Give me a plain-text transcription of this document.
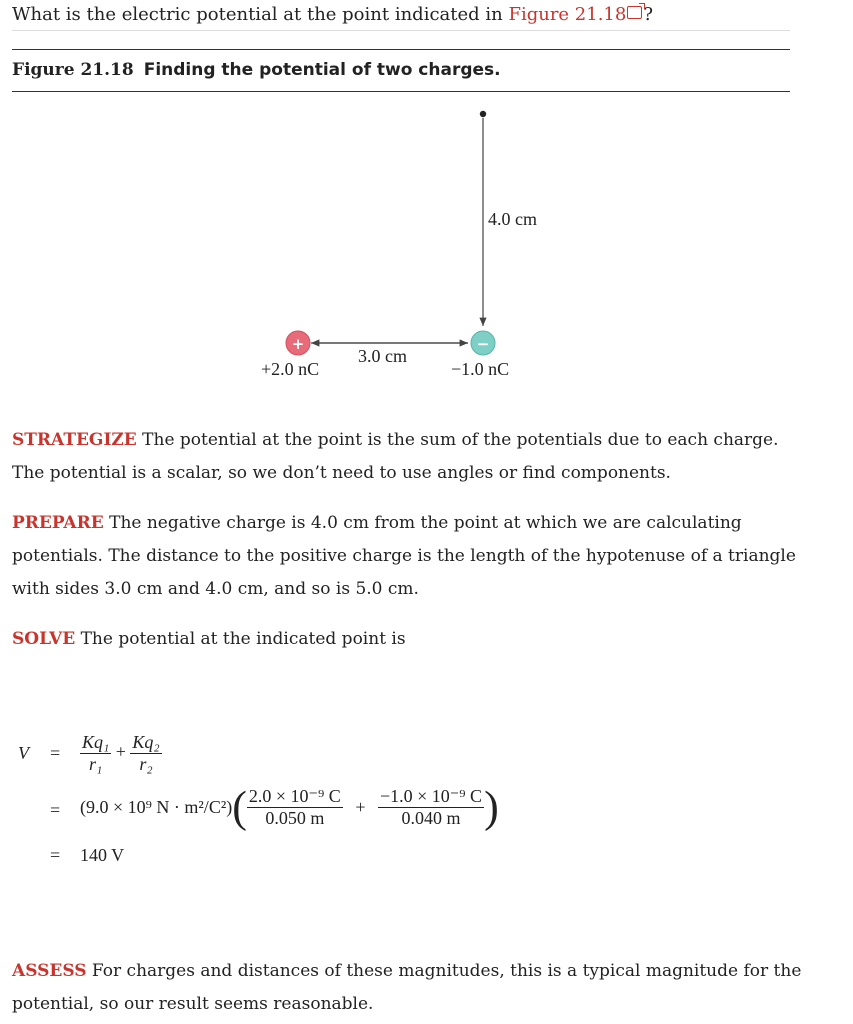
What is the electric potential at the point indicated in Figure 21.18 ?
Figure 21.18 Finding the potential of two charges.
+	−
4.0 cm
3.0 cm
+2.0 nC	−1.0 nC
STRATEGIZE The potential at the point is the sum of the potentials due to each charge. The potential is a scalar, so we don’t need to use angles or find components.
PREPARE The negative charge is 4.0 cm from the point at which we are calculating potentials. The distance to the positive charge is the length of the hypotenuse of a triangle with sides 3.0 cm and 4.0 cm, and so is 5.0 cm.
SOLVE The potential at the indicated point is
$V = \frac{\text{Kq₁}}{\text{r₁}} + \frac{\text{Kq₂}}{\text{r₂}}$
= (9.0 × 10⁹ $N \cdot m^2/C^2)( \frac{\text{2.0 × 10⁻⁹ C}}{0.050 m} + \frac{\text{−1.0 × 10⁻⁹ C}}{0.040 m}$ )
= 140 V
ASSESS For charges and distances of these magnitudes, this is a typical magnitude for the potential, so our result seems reasonable.
